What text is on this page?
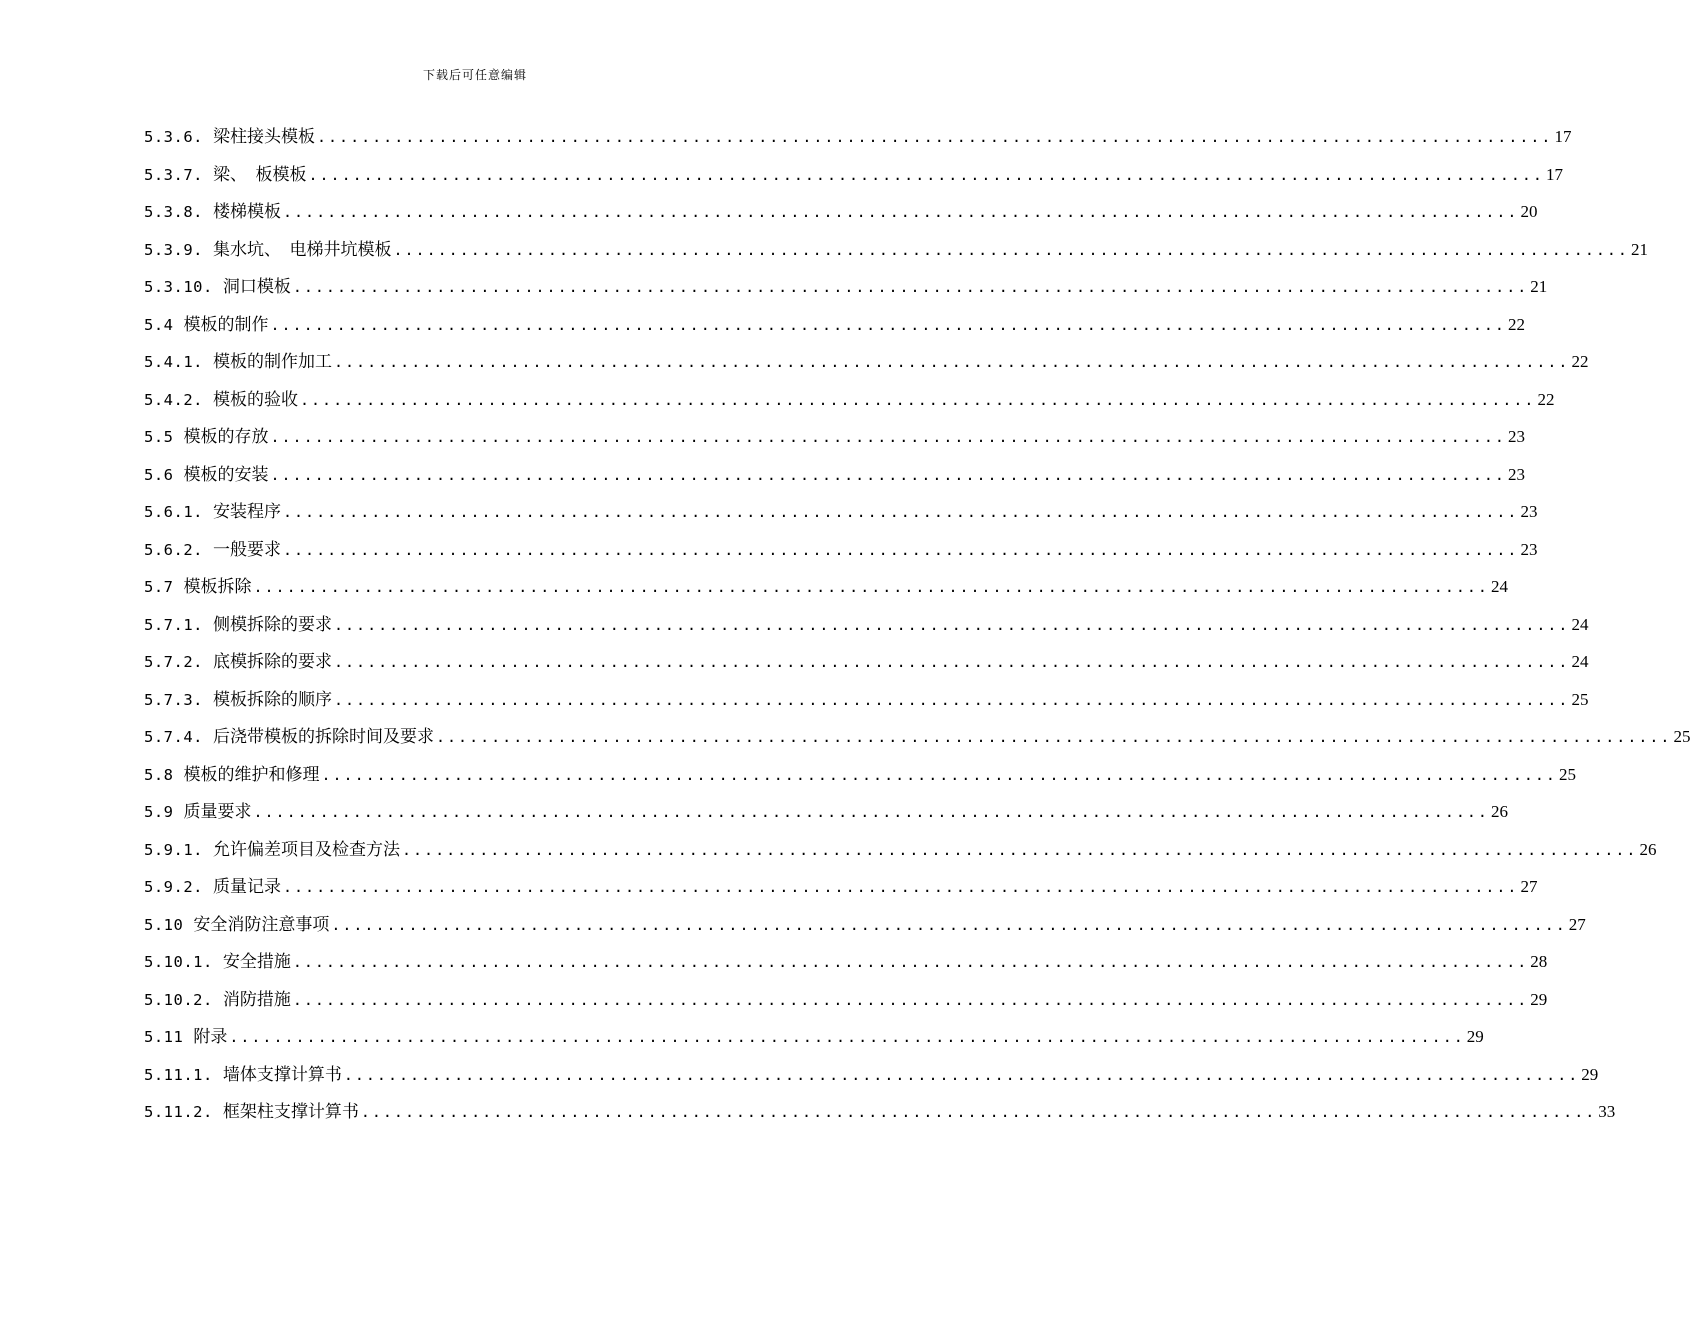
下载后可任意编辑
5.3.6. 梁柱接头模板 ................................................................................................................ 17
5.3.7. 梁、　板模板 ................................................................................................................ 17
5.3.8. 楼梯模板 ................................................................................................................ 20
5.3.9. 集水坑、　电梯井坑模板 ................................................................................................................ 21
5.3.10. 洞口模板 ................................................................................................................ 21
5.4 模板的制作 ................................................................................................................ 22
5.4.1. 模板的制作加工 ................................................................................................................ 22
5.4.2. 模板的验收 ................................................................................................................ 22
5.5 模板的存放 ................................................................................................................ 23
5.6 模板的安装 ................................................................................................................ 23
5.6.1. 安装程序 ................................................................................................................ 23
5.6.2. 一般要求 ................................................................................................................ 23
5.7 模板拆除 ................................................................................................................ 24
5.7.1. 侧模拆除的要求 ................................................................................................................ 24
5.7.2. 底模拆除的要求 ................................................................................................................ 24
5.7.3. 模板拆除的顺序 ................................................................................................................ 25
5.7.4. 后浇带模板的拆除时间及要求 ................................................................................................................ 25
5.8 模板的维护和修理 ................................................................................................................ 25
5.9 质量要求 ................................................................................................................ 26
5.9.1. 允许偏差项目及检查方法 ................................................................................................................ 26
5.9.2. 质量记录 ................................................................................................................ 27
5.10 安全消防注意事项 ................................................................................................................ 27
5.10.1. 安全措施 ................................................................................................................ 28
5.10.2. 消防措施 ................................................................................................................ 29
5.11 附录 ................................................................................................................ 29
5.11.1. 墙体支撑计算书 ................................................................................................................ 29
5.11.2. 框架柱支撑计算书 ................................................................................................................ 33
